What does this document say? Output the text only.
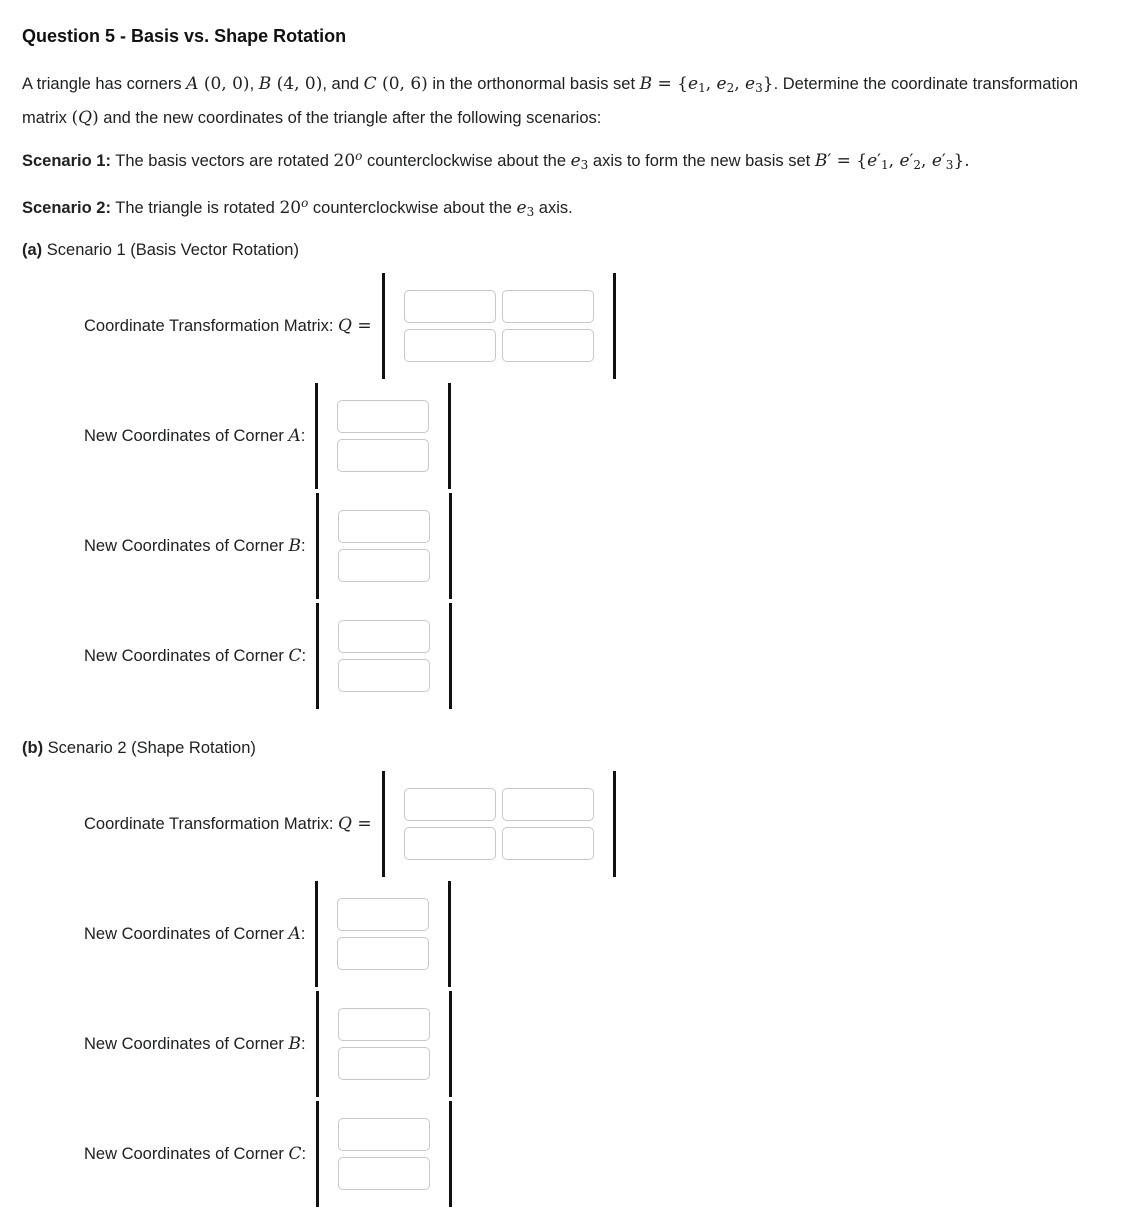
Question 5 - Basis vs. Shape Rotation

A triangle has corners A (0, 0), B (4, 0), and C (0, 6) in the orthonormal basis set B = {e1, e2, e3}. Determine the coordinate transformation matrix (Q) and the new coordinates of the triangle after the following scenarios:

Scenario 1: The basis vectors are rotated 20$^o$ counterclockwise about the e3 axis to form the new basis set B′ = {e′1, e′2, e′3}.

Scenario 2: The triangle is rotated 20$^o$ counterclockwise about the e3 axis.

(a) Scenario 1 (Basis Vector Rotation)

Coordinate Transformation Matrix: Q =
New Coordinates of Corner A:
New Coordinates of Corner B:
New Coordinates of Corner C:

(b) Scenario 2 (Shape Rotation)

Coordinate Transformation Matrix: Q =
New Coordinates of Corner A:
New Coordinates of Corner B:
New Coordinates of Corner C:
